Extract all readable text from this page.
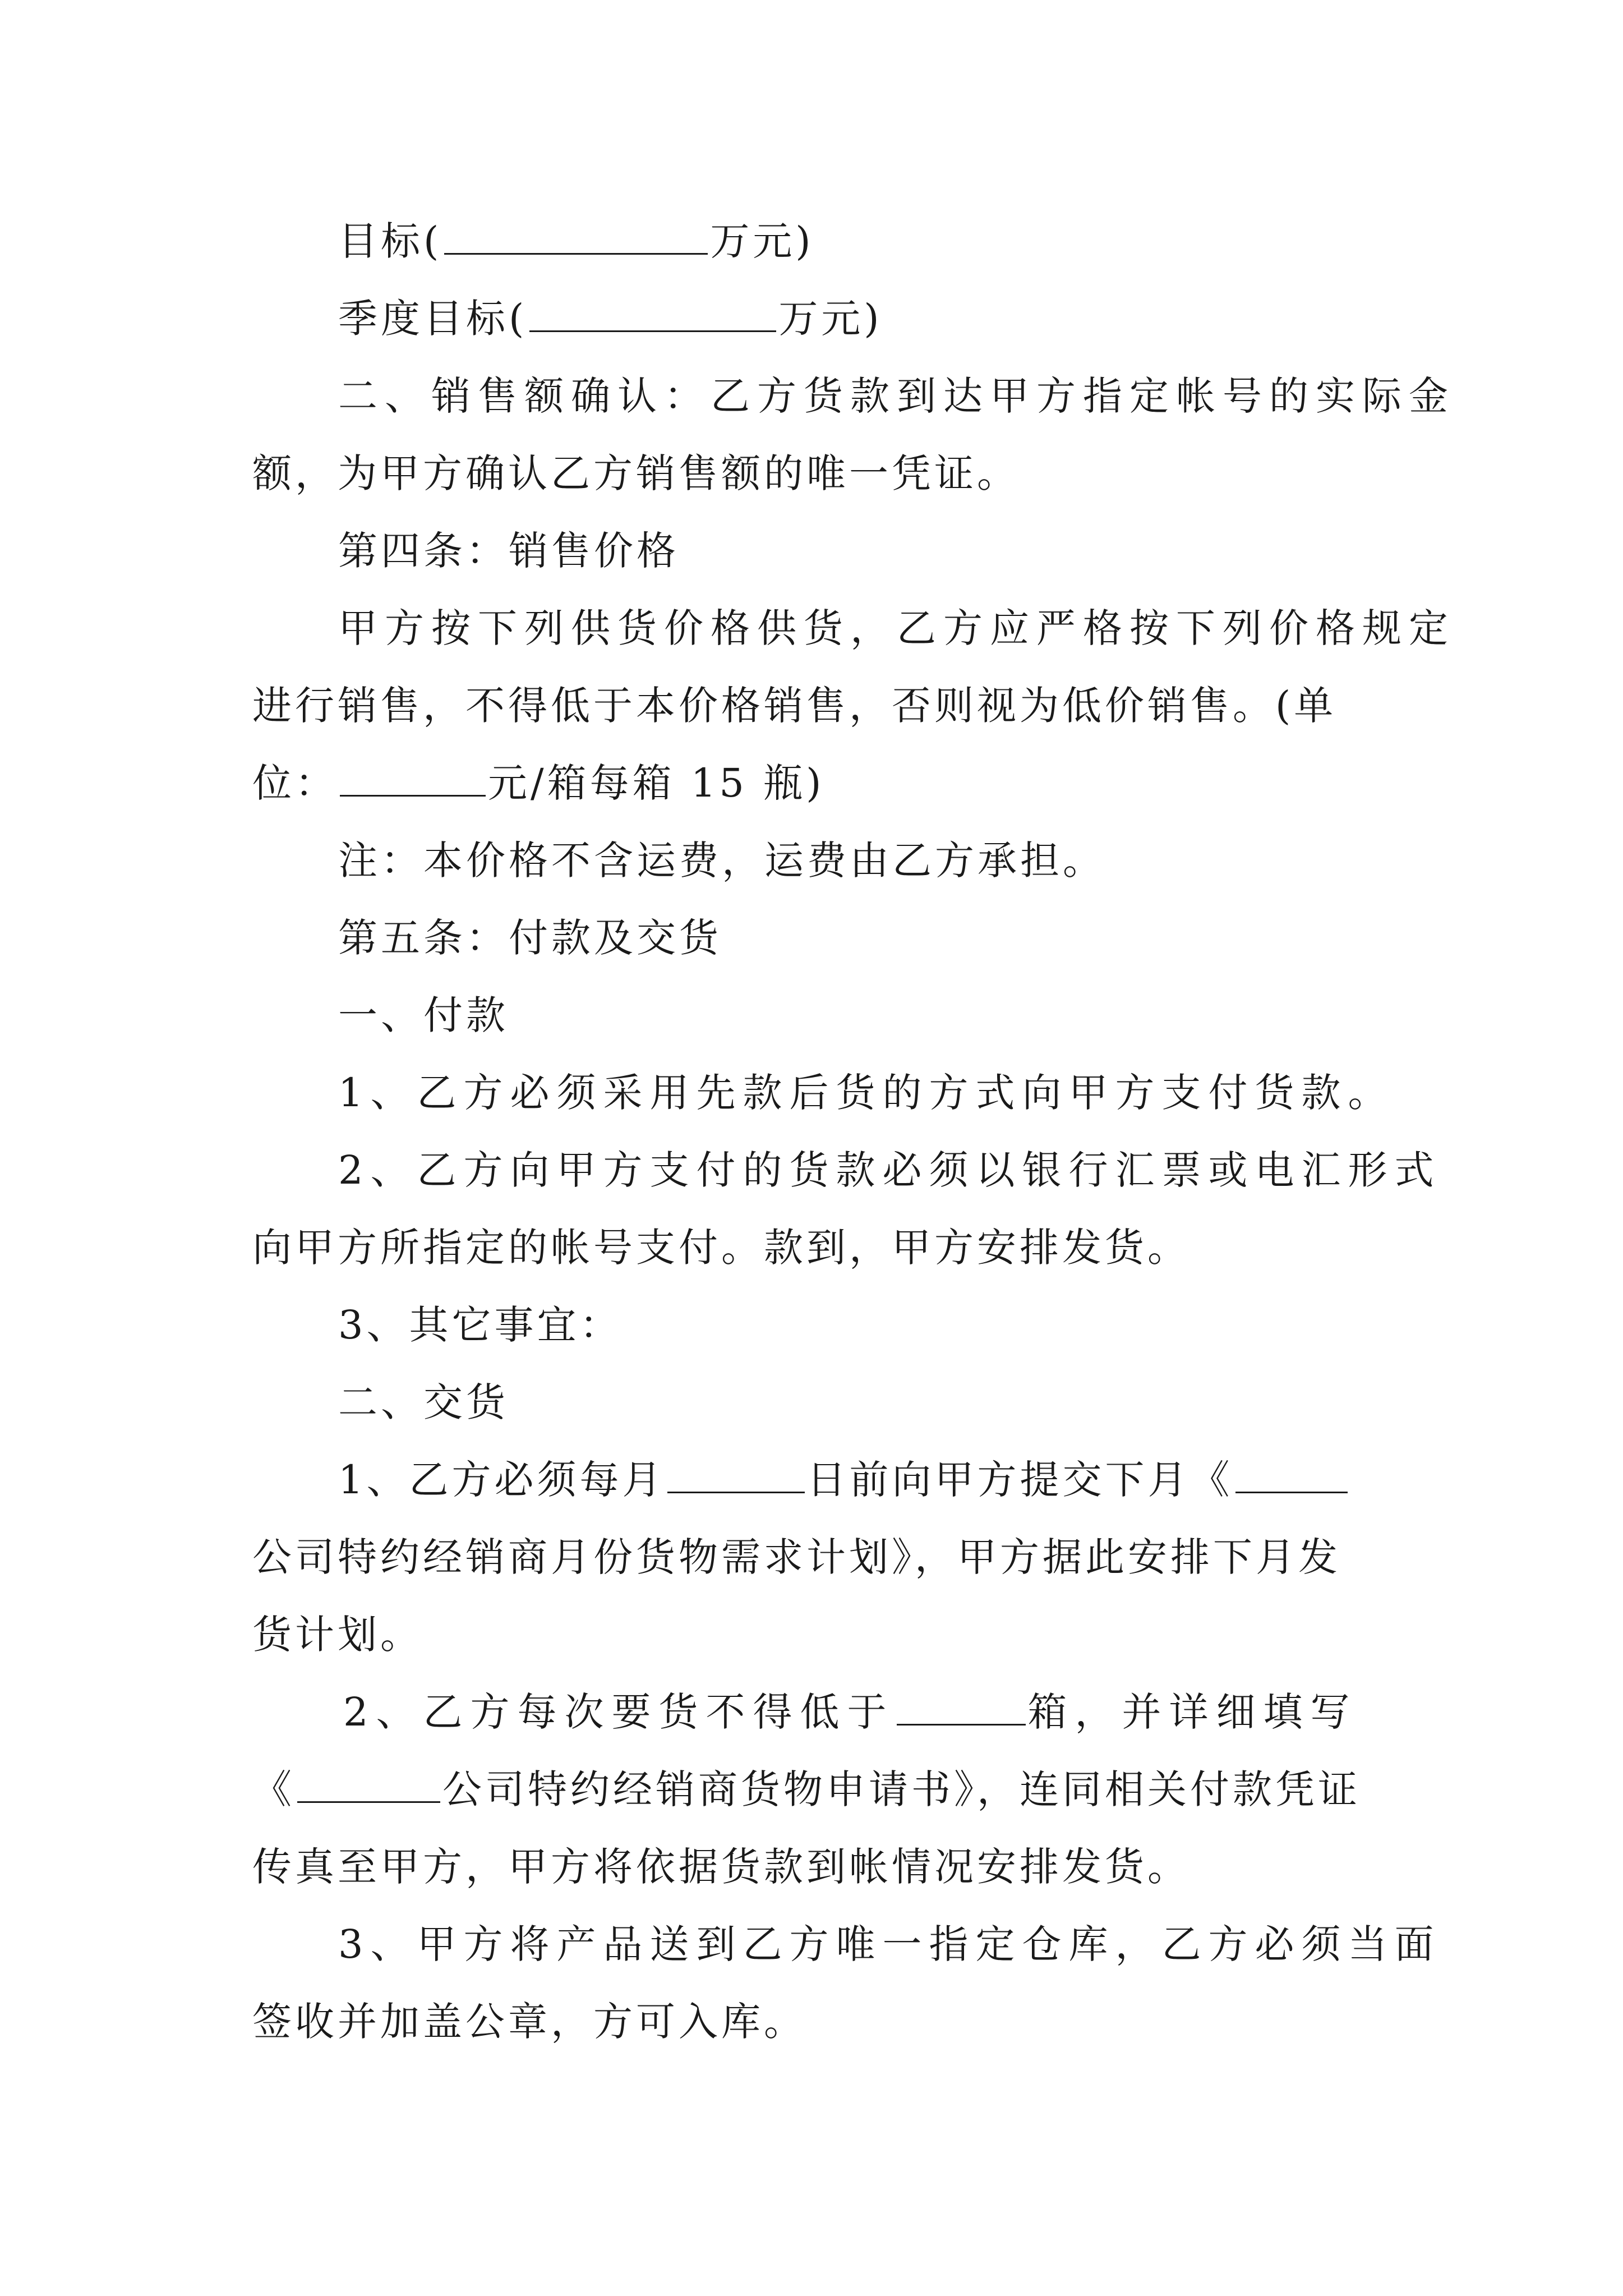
目标(	万元)
季度目标(	万元)
二、销售额确认：乙方货款到达甲方指定帐号的实际金
额，为甲方确认乙方销售额的唯一凭证。
第四条：销售价格
甲方按下列供货价格供货，乙方应严格按下列价格规定
进行销售，不得低于本价格销售，否则视为低价销售。(单
位：	元/箱每箱 15 瓶)
注：本价格不含运费，运费由乙方承担。
第五条：付款及交货
一、付款
1、乙方必须采用先款后货的方式向甲方支付货款。
2、乙方向甲方支付的货款必须以银行汇票或电汇形式
向甲方所指定的帐号支付。款到，甲方安排发货。
3、其它事宜：
二、交货
1、乙方必须每月	日前向甲方提交下月《
公司特约经销商月份货物需求计划》，甲方据此安排下月发
货计划。
2、乙方每次要货不得低于	箱，并详细填写
《	公司特约经销商货物申请书》，连同相关付款凭证
传真至甲方，甲方将依据货款到帐情况安排发货。
3、甲方将产品送到乙方唯一指定仓库，乙方必须当面
签收并加盖公章，方可入库。
